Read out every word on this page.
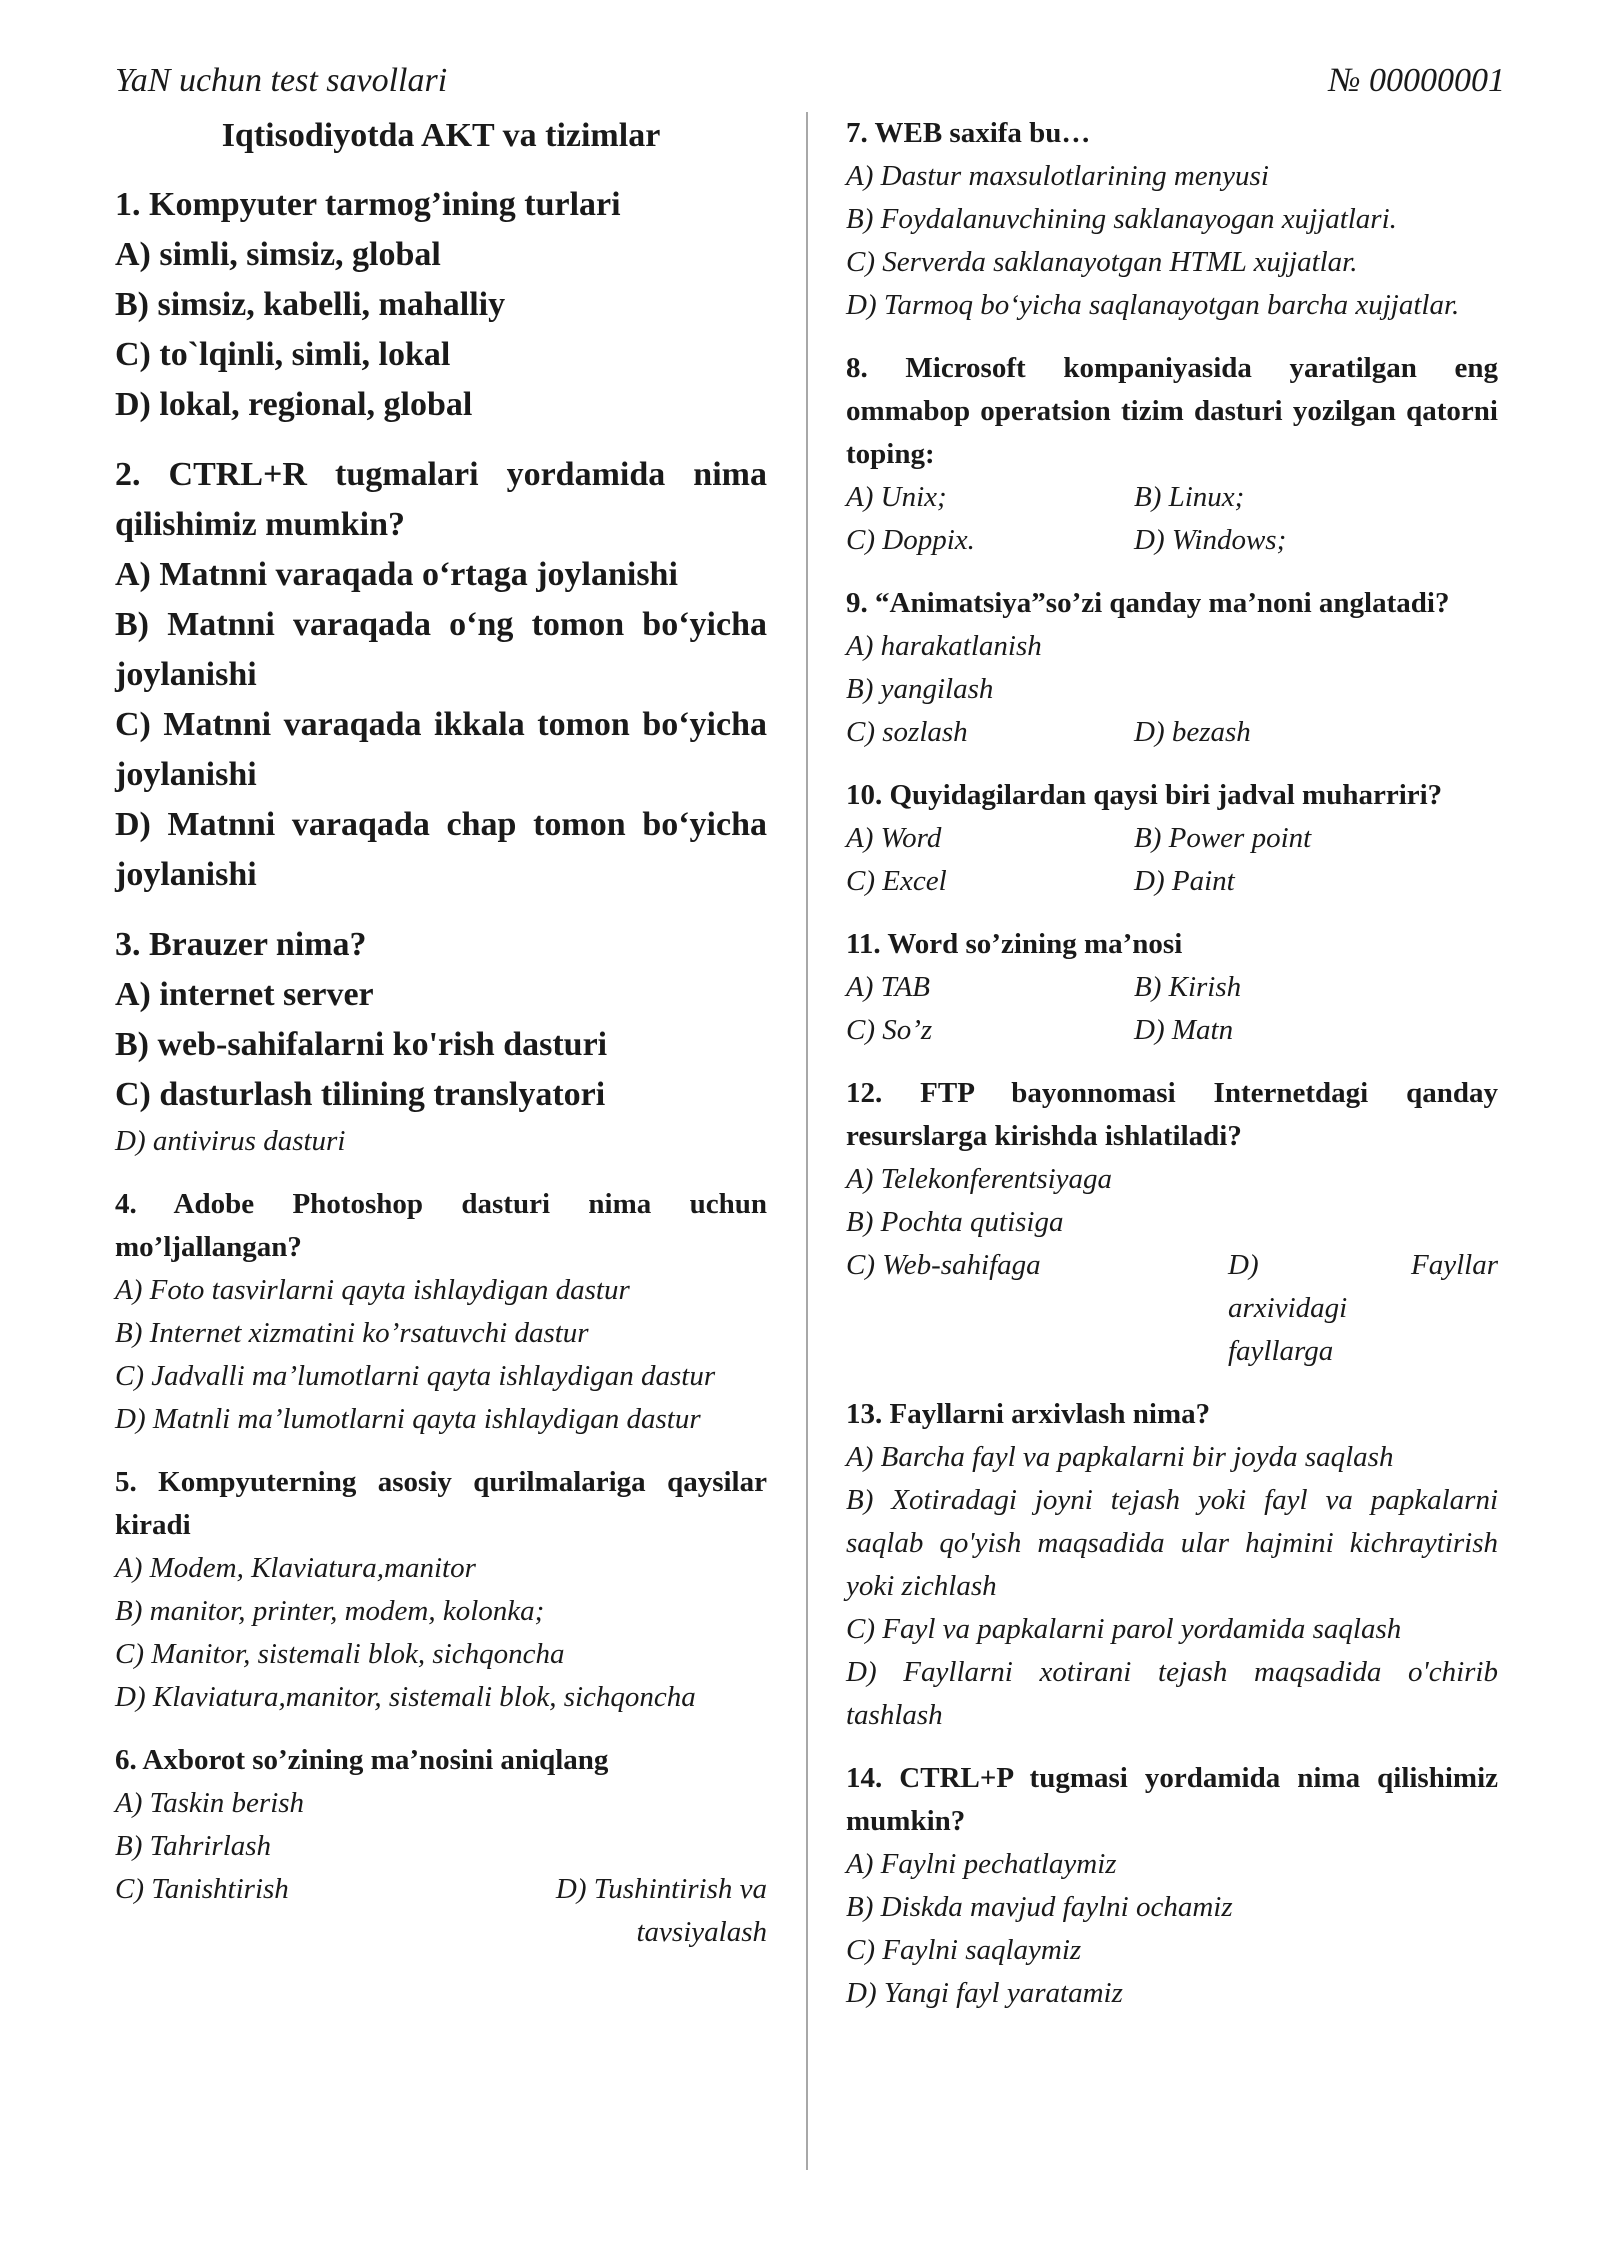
YaN uchun test savollari	№ 00000001
Iqtisodiyotda AKT va tizimlar
1. Kompyuter tarmog’ining turlari
A) simli, simsiz, global
B) simsiz, kabelli, mahalliy
C) to`lqinli, simli, lokal
D) lokal, regional, global
2. CTRL+R tugmalari yordamida nima qilishimiz mumkin?
A) Matnni varaqada o‘rtaga joylanishi
B) Matnni varaqada o‘ng tomon bo‘yicha joylanishi
C) Matnni varaqada ikkala tomon bo‘yicha joylanishi
D) Matnni varaqada chap tomon bo‘yicha joylanishi
3. Brauzer nima?
A) internet server
B) web-sahifalarni ko'rish dasturi
C) dasturlash tilining translyatori
D) antivirus dasturi
4. Adobe Photoshop dasturi nima uchun mo’ljallangan?
A) Foto tasvirlarni qayta ishlaydigan dastur
B) Internet xizmatini ko’rsatuvchi dastur
C) Jadvalli ma’lumotlarni qayta ishlaydigan dastur
D) Matnli ma’lumotlarni qayta ishlaydigan dastur
5. Kompyuterning asosiy qurilmalariga qaysilar kiradi
A) Modem, Klaviatura,manitor
B) manitor, printer, modem, kolonka;
C) Manitor, sistemali blok, sichqoncha
D) Klaviatura,manitor, sistemali blok, sichqoncha
6. Axborot so’zining ma’nosini aniqlang
A) Taskin berish
B) Tahrirlash
C) Tanishtirish	D) Tushintirish va tavsiyalash
7. WEB saxifa bu…
A) Dastur maxsulotlarining menyusi
B) Foydalanuvchining saklanayogan xujjatlari.
C) Serverda saklanayotgan HTML xujjatlar.
D) Tarmoq bo‘yicha saqlanayotgan barcha xujjatlar.
8. Microsoft kompaniyasida yaratilgan eng ommabop operatsion tizim dasturi yozilgan qatorni toping:
A) Unix;	B) Linux;
C) Doppix.	D) Windows;
9. “Animatsiya”so’zi qanday ma’noni anglatadi?
A) harakatlanish
B) yangilash
C) sozlash	D) bezash
10. Quyidagilardan qaysi biri jadval muharriri?
A) Word	B) Power point
C) Excel	D) Paint
11. Word so’zining ma’nosi
A) TAB	B) Kirish
C) So’z	D) Matn
12. FTP bayonnomasi Internetdagi qanday resurslarga kirishda ishlatiladi?
A) Telekonferentsiyaga
B) Pochta qutisiga
C) Web-sahifaga	D) Fayllar arxividagi fayllarga
13. Fayllarni arxivlash nima?
A) Barcha fayl va papkalarni bir joyda saqlash
B) Xotiradagi joyni tejash yoki fayl va papkalarni saqlab qo'yish maqsadida ular hajmini kichraytirish yoki zichlash
C) Fayl va papkalarni parol yordamida saqlash
D) Fayllarni xotirani tejash maqsadida o'chirib tashlash
14. CTRL+P tugmasi yordamida nima qilishimiz mumkin?
A) Faylni pechatlaymiz
B) Diskda mavjud faylni ochamiz
C) Faylni saqlaymiz
D) Yangi fayl yaratamiz
